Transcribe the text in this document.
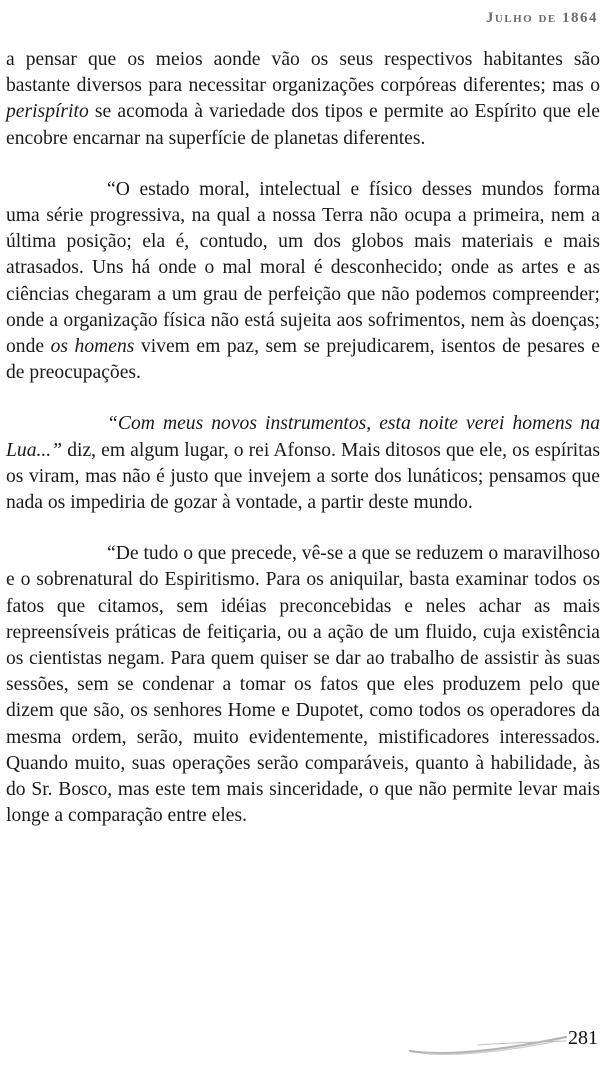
Julho de 1864

a pensar que os meios aonde vão os seus respectivos habitantes são bastante diversos para necessitar organizações corpóreas diferentes; mas o perispírito se acomoda à variedade dos tipos e permite ao Espírito que ele encobre encarnar na superfície de planetas diferentes.

“O estado moral, intelectual e físico desses mundos forma uma série progressiva, na qual a nossa Terra não ocupa a primeira, nem a última posição; ela é, contudo, um dos globos mais materiais e mais atrasados. Uns há onde o mal moral é desconhecido; onde as artes e as ciências chegaram a um grau de perfeição que não podemos compreender; onde a organização física não está sujeita aos sofrimentos, nem às doenças; onde os homens vivem em paz, sem se prejudicarem, isentos de pesares e de preocupações.

“Com meus novos instrumentos, esta noite verei homens na Lua...” diz, em algum lugar, o rei Afonso. Mais ditosos que ele, os espíritas os viram, mas não é justo que invejem a sorte dos lunáticos; pensamos que nada os impediria de gozar à vontade, a partir deste mundo.

“De tudo o que precede, vê-se a que se reduzem o maravilhoso e o sobrenatural do Espiritismo. Para os aniquilar, basta examinar todos os fatos que citamos, sem idéias preconcebidas e neles achar as mais repreensíveis práticas de feitiçaria, ou a ação de um fluido, cuja existência os cientistas negam. Para quem quiser se dar ao trabalho de assistir às suas sessões, sem se condenar a tomar os fatos que eles produzem pelo que dizem que são, os senhores Home e Dupotet, como todos os operadores da mesma ordem, serão, muito evidentemente, mistificadores interessados. Quando muito, suas operações serão comparáveis, quanto à habilidade, às do Sr. Bosco, mas este tem mais sinceridade, o que não permite levar mais longe a comparação entre eles.

281
